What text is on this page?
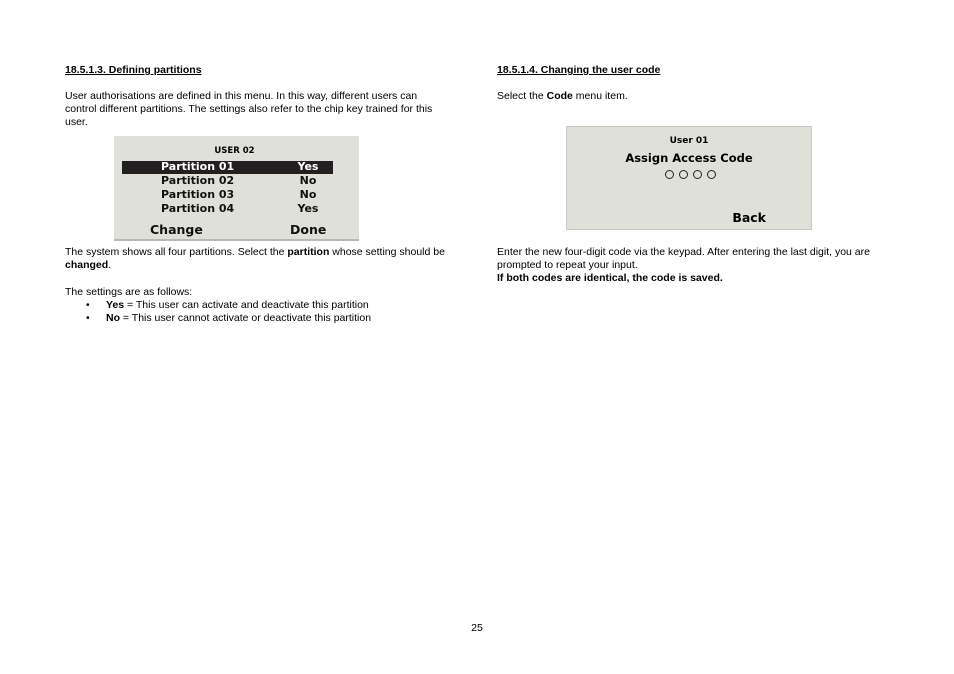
18.5.1.3. Defining partitions
User authorisations are defined in this menu. In this way, different users can control different partitions. The settings also refer to the chip key trained for this user.
USER 02
Partition 01	Yes
Partition 02	No
Partition 03	No
Partition 04	Yes
Change	Done
The system shows all four partitions. Select the partition whose setting should be changed.
The settings are as follows:
• Yes = This user can activate and deactivate this partition
• No = This user cannot activate or deactivate this partition
18.5.1.4. Changing the user code
Select the Code menu item.
User 01
Assign Access Code
Back
Enter the new four-digit code via the keypad. After entering the last digit, you are prompted to repeat your input.
If both codes are identical, the code is saved.
25
